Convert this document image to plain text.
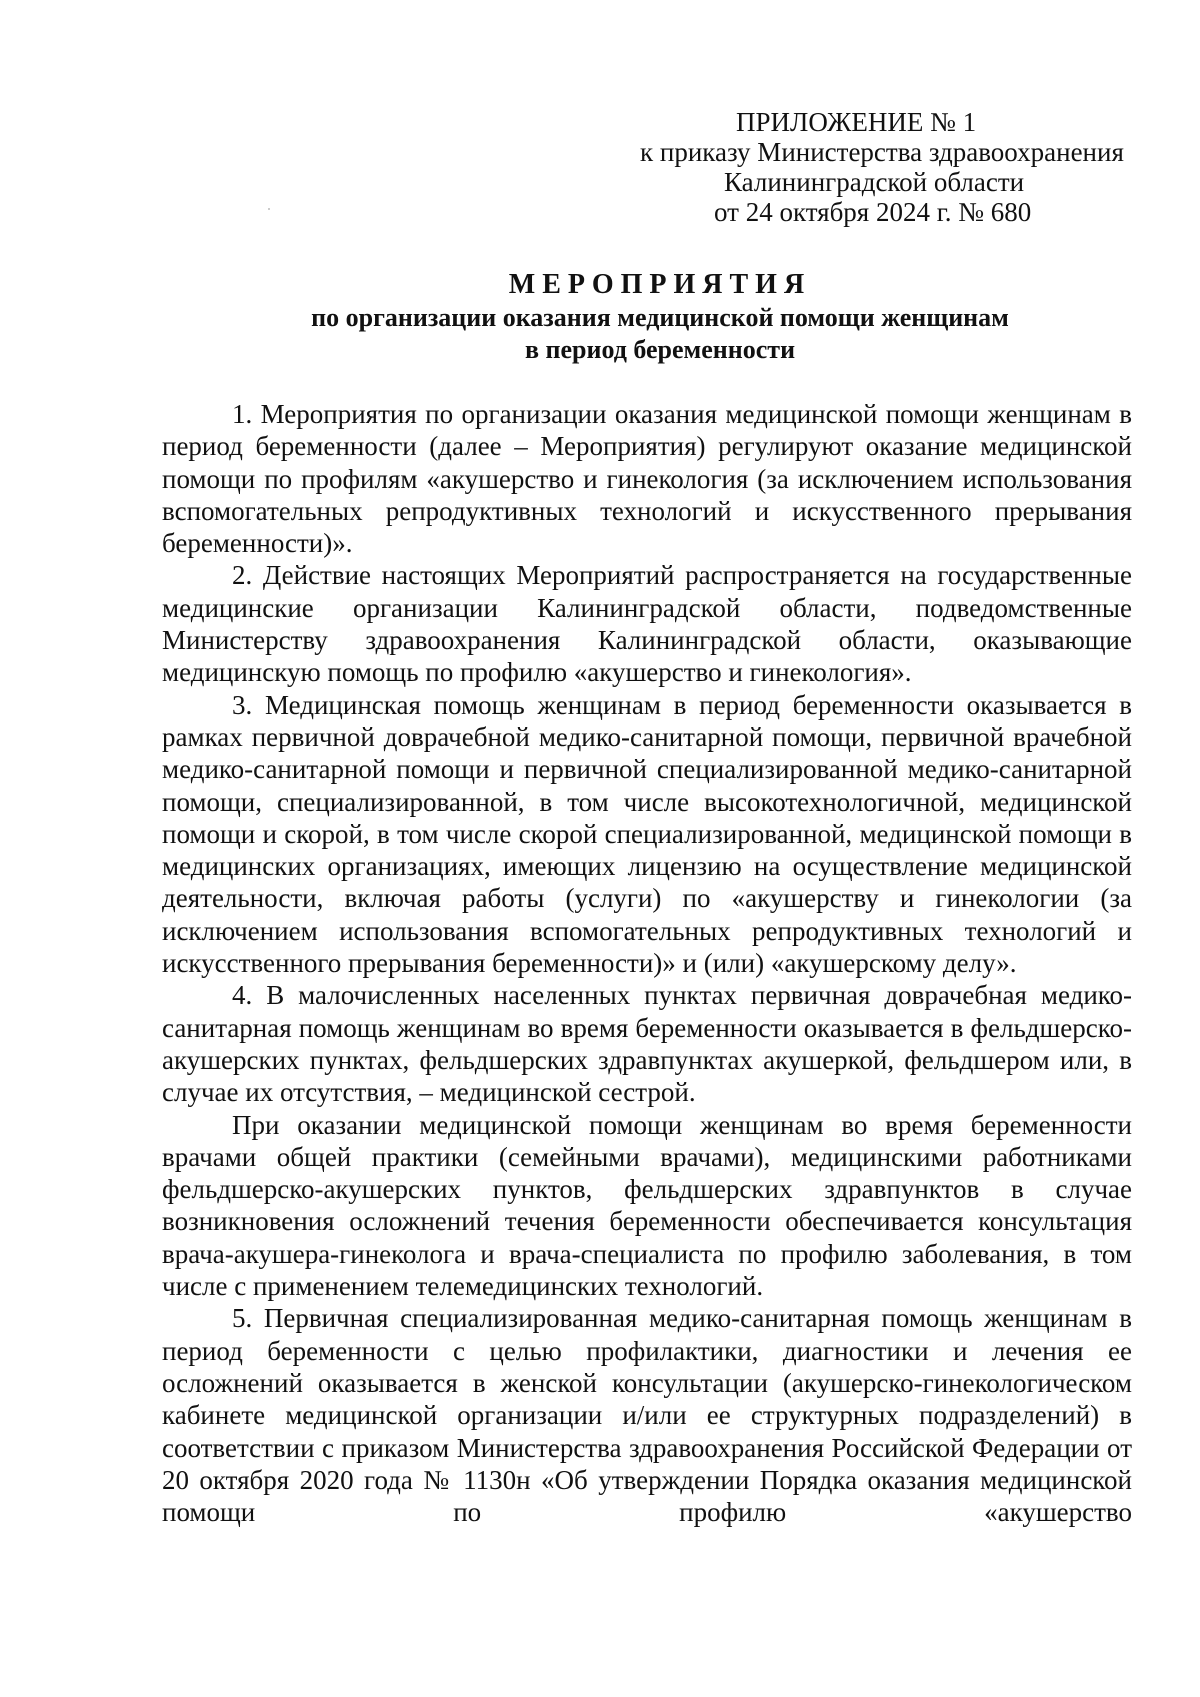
ПРИЛОЖЕНИЕ № 1
к приказу Министерства здравоохранения
Калининградской области
от 24 октября 2024 г. № 680
МЕРОПРИЯТИЯ
по организации оказания медицинской помощи женщинам
в период беременности

1. Мероприятия по организации оказания медицинской помощи женщинам в период беременности (далее – Мероприятия) регулируют оказание медицинской помощи по профилям «акушерство и гинекология (за исключением использования вспомогательных репродуктивных технологий и искусственного прерывания беременности)».

2. Действие настоящих Мероприятий распространяется на государственные медицинские организации Калининградской области, подведомственные Министерству здравоохранения Калининградской области, оказывающие медицинскую помощь по профилю «акушерство и гинекология».

3. Медицинская помощь женщинам в период беременности оказывается в рамках первичной доврачебной медико-санитарной помощи, первичной врачебной медико-санитарной помощи и первичной специализированной медико-санитарной помощи, специализированной, в том числе высокотехнологичной, медицинской помощи и скорой, в том числе скорой специализированной, медицинской помощи в медицинских организациях, имеющих лицензию на осуществление медицинской деятельности, включая работы (услуги) по «акушерству и гинекологии (за исключением использования вспомогательных репродуктивных технологий и искусственного прерывания беременности)» и (или) «акушерскому делу».

4. В малочисленных населенных пунктах первичная доврачебная медико-санитарная помощь женщинам во время беременности оказывается в фельдшерско-акушерских пунктах, фельдшерских здравпунктах акушеркой, фельдшером или, в случае их отсутствия, – медицинской сестрой.

При оказании медицинской помощи женщинам во время беременности врачами общей практики (семейными врачами), медицинскими работниками фельдшерско-акушерских пунктов, фельдшерских здравпунктов в случае возникновения осложнений течения беременности обеспечивается консультация врача-акушера-гинеколога и врача-специалиста по профилю заболевания, в том числе с применением телемедицинских технологий.

5. Первичная специализированная медико-санитарная помощь женщинам в период беременности с целью профилактики, диагностики и лечения ее осложнений оказывается в женской консультации (акушерско-гинекологическом кабинете медицинской организации и/или ее структурных подразделений) в соответствии с приказом Министерства здравоохранения Российской Федерации от 20 октября 2020 года № 1130н «Об утверждении Порядка оказания медицинской помощи по профилю «акушерство
